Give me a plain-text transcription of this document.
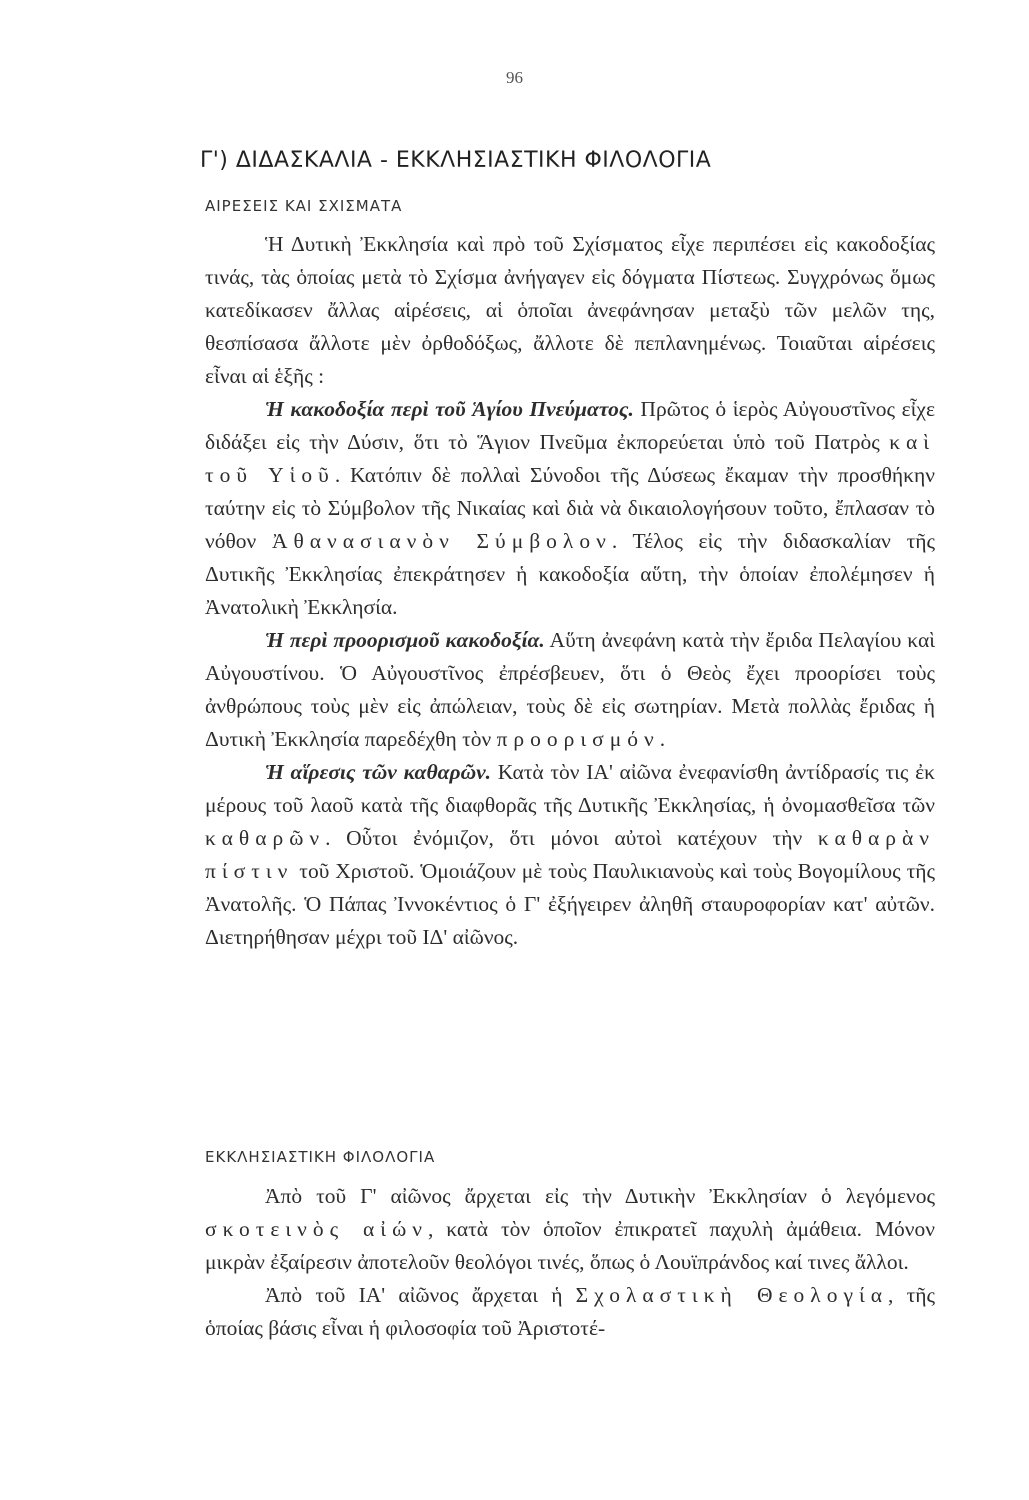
96
Γ') ΔΙΔΑΣΚΑΛΙΑ - ΕΚΚΛΗΣΙΑΣΤΙΚΗ ΦΙΛΟΛΟΓΙΑ
ΑΙΡΕΣΕΙΣ ΚΑΙ ΣΧΙΣΜΑΤΑ

Ἡ Δυτικὴ Ἐκκλησία καὶ πρὸ τοῦ Σχίσματος εἶχε περιπέσει εἰς κακοδοξίας τινάς, τὰς ὁποίας μετὰ τὸ Σχίσμα ἀνήγαγεν εἰς δόγματα Πίστεως. Συγχρόνως ὅμως κατεδίκασεν ἄλλας αἱρέσεις, αἱ ὁποῖαι ἀνεφάνησαν μεταξὺ τῶν μελῶν της, θεσπίσασα ἄλλοτε μὲν ὀρθοδόξως, ἄλλοτε δὲ πεπλανημένως. Τοιαῦται αἱρέσεις εἶναι αἱ ἑξῆς :

Ἡ κακοδοξία περὶ τοῦ Ἁγίου Πνεύματος. Πρῶτος ὁ ἱερὸς Αὐγουστῖνος εἶχε διδάξει εἰς τὴν Δύσιν, ὅτι τὸ Ἅγιον Πνεῦμα ἐκπορεύεται ὑπὸ τοῦ Πατρὸς καὶ τοῦ Υἱοῦ. Κατόπιν δὲ πολλαὶ Σύνοδοι τῆς Δύσεως ἔκαμαν τὴν προσθήκην ταύτην εἰς τὸ Σύμβολον τῆς Νικαίας καὶ διὰ νὰ δικαιολογήσουν τοῦτο, ἔπλασαν τὸ νόθον Ἀθανασιανὸν Σύμβολον. Τέλος εἰς τὴν διδασκαλίαν τῆς Δυτικῆς Ἐκκλησίας ἐπεκράτησεν ἡ κακοδοξία αὕτη, τὴν ὁποίαν ἐπολέμησεν ἡ Ἀνατολικὴ Ἐκκλησία.

Ἡ περὶ προορισμοῦ κακοδοξία. Αὕτη ἀνεφάνη κατὰ τὴν ἔριδα Πελαγίου καὶ Αὐγουστίνου. Ὁ Αὐγουστῖνος ἐπρέσβευεν, ὅτι ὁ Θεὸς ἔχει προορίσει τοὺς ἀνθρώπους τοὺς μὲν εἰς ἀπώλειαν, τοὺς δὲ εἰς σωτηρίαν. Μετὰ πολλὰς ἔριδας ἡ Δυτικὴ Ἐκκλησία παρεδέχθη τὸν προορισμόν.

Ἡ αἵρεσις τῶν καθαρῶν. Κατὰ τὸν ΙΑ' αἰῶνα ἐνεφανίσθη ἀντίδρασίς τις ἐκ μέρους τοῦ λαοῦ κατὰ τῆς διαφθορᾶς τῆς Δυτικῆς Ἐκκλησίας, ἡ ὀνομασθεῖσα τῶν καθαρῶν. Οὗτοι ἐνόμιζον, ὅτι μόνοι αὐτοὶ κατέχουν τὴν καθαρὰν πίστιν τοῦ Χριστοῦ. Ὁμοιάζουν μὲ τοὺς Παυλικιανοὺς καὶ τοὺς Βογομίλους τῆς Ἀνατολῆς. Ὁ Πάπας Ἰννοκέντιος ὁ Γ' ἐξήγειρεν ἀληθῆ σταυροφορίαν κατ' αὐτῶν. Διετηρήθησαν μέχρι τοῦ ΙΔ' αἰῶνος.

ΕΚΚΛΗΣΙΑΣΤΙΚΗ ΦΙΛΟΛΟΓΙΑ

Ἀπὸ τοῦ Γ' αἰῶνος ἄρχεται εἰς τὴν Δυτικὴν Ἐκκλησίαν ὁ λεγόμενος σκοτεινὸς αἰών, κατὰ τὸν ὁποῖον ἐπικρατεῖ παχυλὴ ἀμάθεια. Μόνον μικρὰν ἐξαίρεσιν ἀποτελοῦν θεολόγοι τινές, ὅπως ὁ Λουϊπράνδος καί τινες ἄλλοι.

Ἀπὸ τοῦ ΙΑ' αἰῶνος ἄρχεται ἡ Σχολαστικὴ Θεολογία, τῆς ὁποίας βάσις εἶναι ἡ φιλοσοφία τοῦ Ἀριστοτέ-
